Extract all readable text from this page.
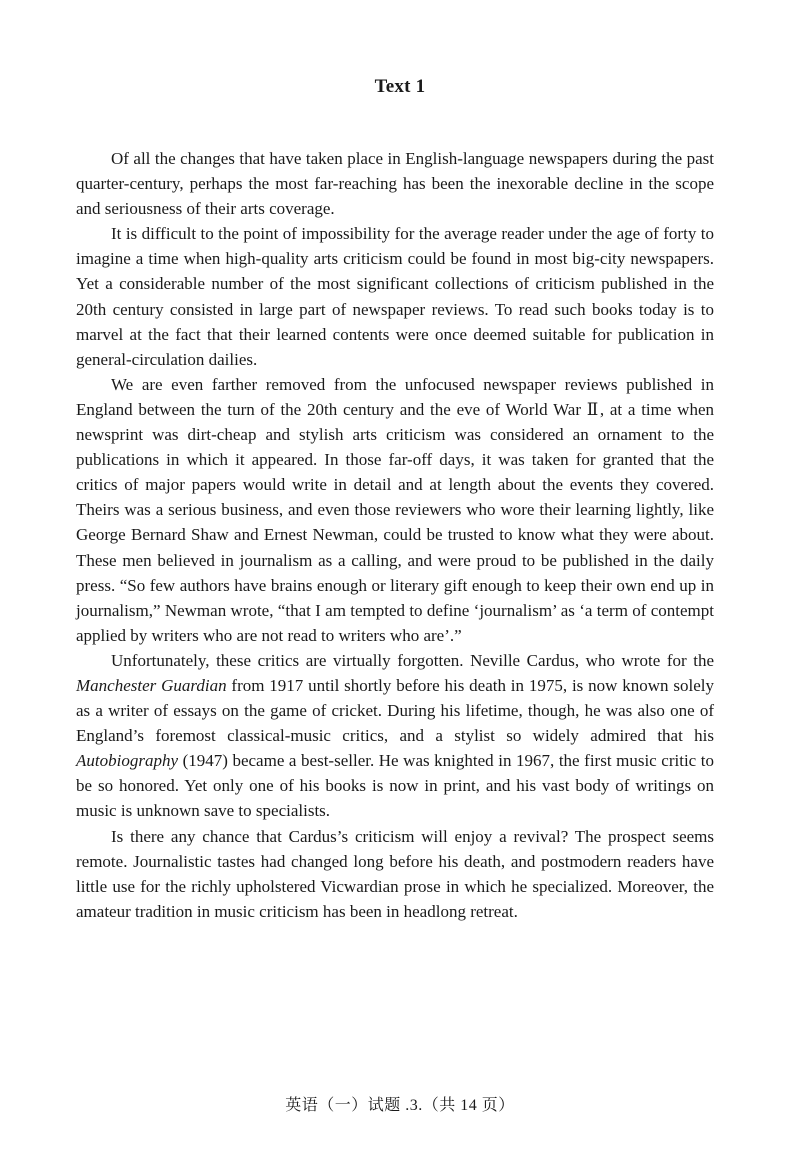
Text 1

Of all the changes that have taken place in English-language newspapers during the past quarter-century, perhaps the most far-reaching has been the inexorable decline in the scope and seriousness of their arts coverage.

It is difficult to the point of impossibility for the average reader under the age of forty to imagine a time when high-quality arts criticism could be found in most big-city newspapers. Yet a considerable number of the most significant collections of criticism published in the 20th century consisted in large part of newspaper reviews. To read such books today is to marvel at the fact that their learned contents were once deemed suitable for publication in general-circulation dailies.

We are even farther removed from the unfocused newspaper reviews published in England between the turn of the 20th century and the eve of World War Ⅱ, at a time when newsprint was dirt-cheap and stylish arts criticism was considered an ornament to the publications in which it appeared. In those far-off days, it was taken for granted that the critics of major papers would write in detail and at length about the events they covered. Theirs was a serious business, and even those reviewers who wore their learning lightly, like George Bernard Shaw and Ernest Newman, could be trusted to know what they were about. These men believed in journalism as a calling, and were proud to be published in the daily press. “So few authors have brains enough or literary gift enough to keep their own end up in journalism,” Newman wrote, “that I am tempted to define ‘journalism’ as ‘a term of contempt applied by writers who are not read to writers who are’.”

Unfortunately, these critics are virtually forgotten. Neville Cardus, who wrote for the Manchester Guardian from 1917 until shortly before his death in 1975, is now known solely as a writer of essays on the game of cricket. During his lifetime, though, he was also one of England’s foremost classical-music critics, and a stylist so widely admired that his Autobiography (1947) became a best-seller. He was knighted in 1967, the first music critic to be so honored. Yet only one of his books is now in print, and his vast body of writings on music is unknown save to specialists.

Is there any chance that Cardus’s criticism will enjoy a revival? The prospect seems remote. Journalistic tastes had changed long before his death, and postmodern readers have little use for the richly upholstered Vicwardian prose in which he specialized. Moreover, the amateur tradition in music criticism has been in headlong retreat.

英语（一）试题 .3.（共 14 页）
